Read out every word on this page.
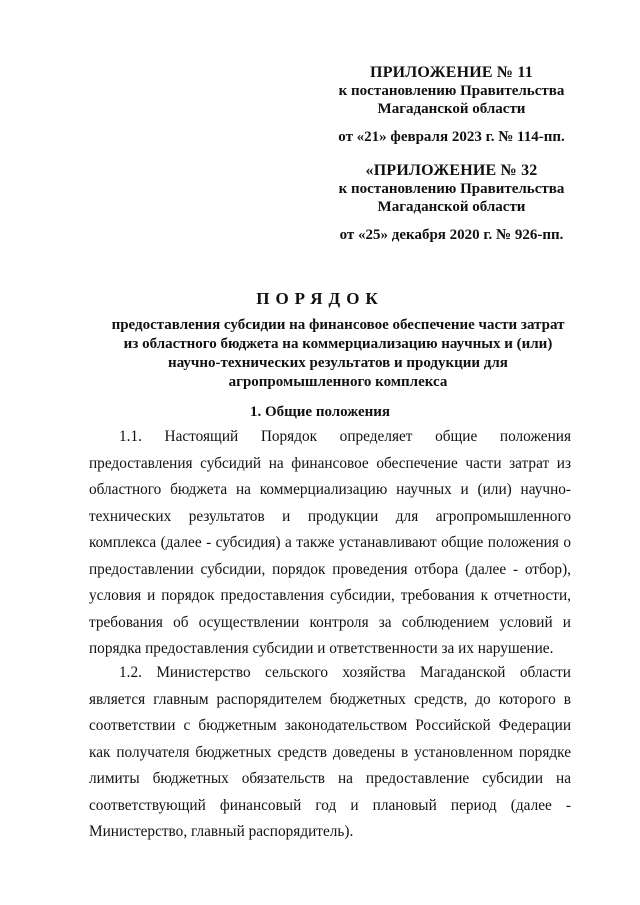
ПРИЛОЖЕНИЕ № 11
к постановлению Правительства
Магаданской области
от «21» февраля 2023 г. № 114-пп.
«ПРИЛОЖЕНИЕ № 32
к постановлению Правительства
Магаданской области
от «25» декабря 2020 г. № 926-пп.
ПОРЯДОК
предоставления субсидии на финансовое обеспечение части затрат из областного бюджета на коммерциализацию научных и (или) научно-технических результатов и продукции для агропромышленного комплекса
1. Общие положения
1.1. Настоящий Порядок определяет общие положения предоставления субсидий на финансовое обеспечение части затрат из областного бюджета на коммерциализацию научных и (или) научно-технических результатов и продукции для агропромышленного комплекса (далее - субсидия) а также устанавливают общие положения о предоставлении субсидии, порядок проведения отбора (далее - отбор), условия и порядок предоставления субсидии, требования к отчетности, требования об осуществлении контроля за соблюдением условий и порядка предоставления субсидии и ответственности за их нарушение.
1.2. Министерство сельского хозяйства Магаданской области является главным распорядителем бюджетных средств, до которого в соответствии с бюджетным законодательством Российской Федерации как получателя бюджетных средств доведены в установленном порядке лимиты бюджетных обязательств на предоставление субсидии на соответствующий финансовый год и плановый период (далее - Министерство, главный распорядитель).
